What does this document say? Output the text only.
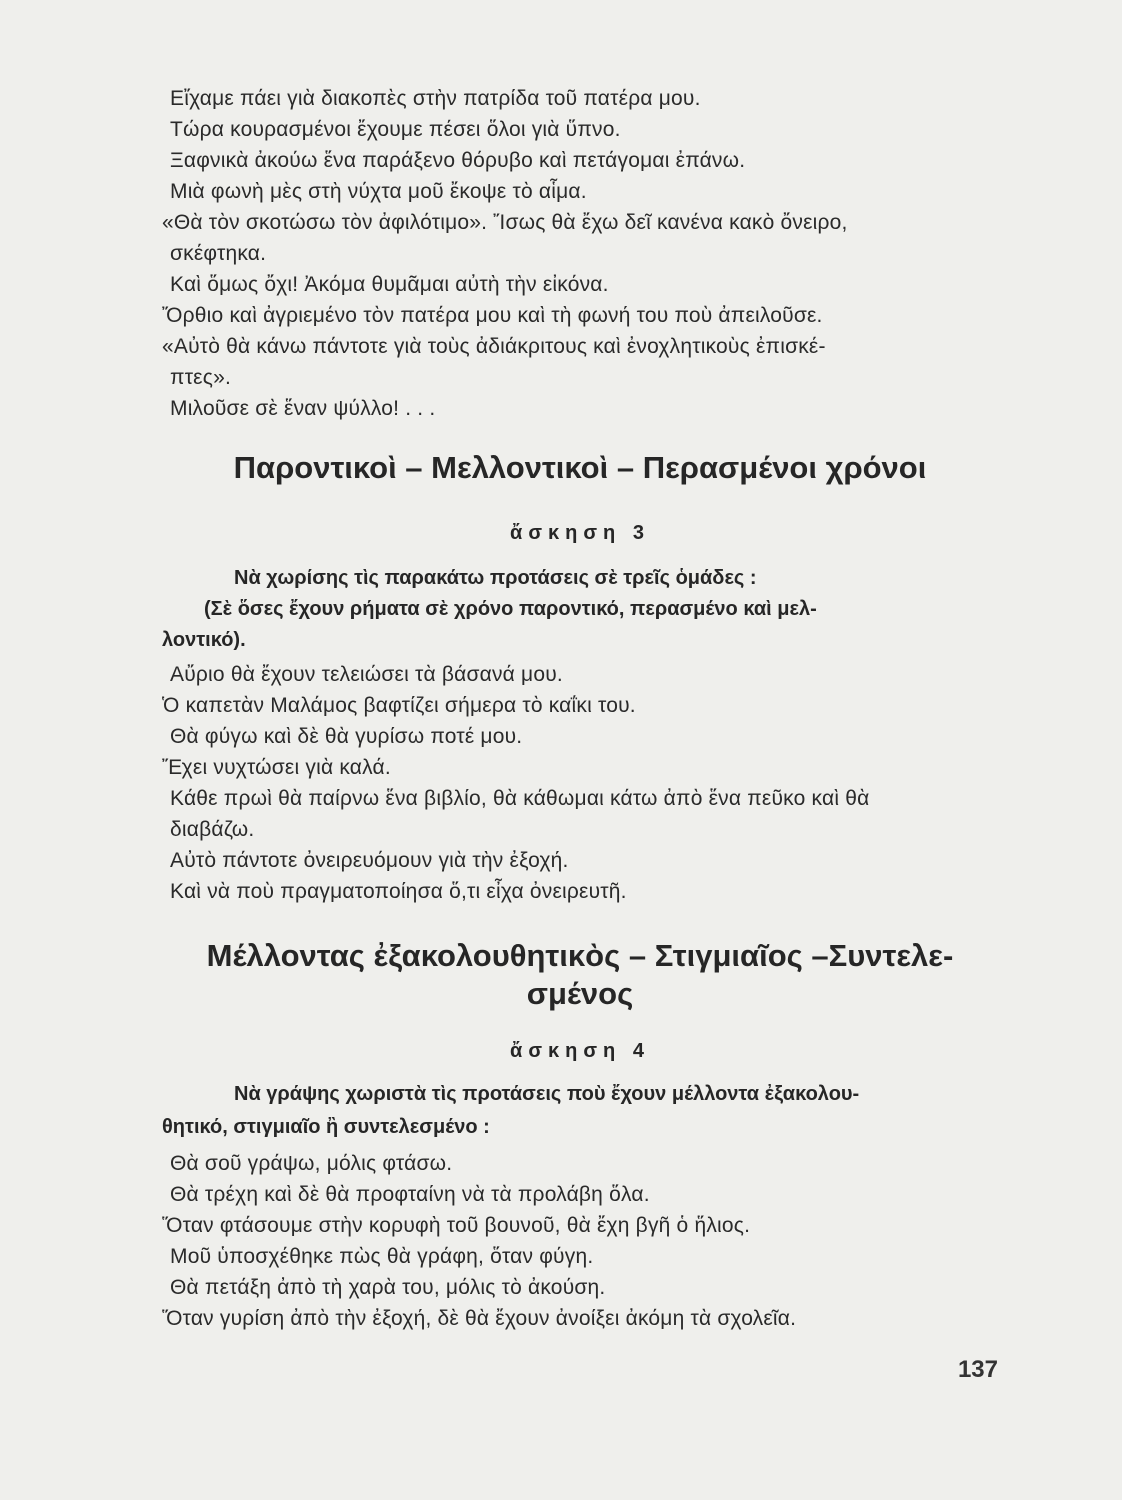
Εἴχαμε πάει γιὰ διακοπὲς στὴν πατρίδα τοῦ πατέρα μου.
Τώρα κουρασμένοι ἔχουμε πέσει ὅλοι γιὰ ὕπνο.
Ξαφνικὰ ἀκούω ἕνα παράξενο θόρυβο καὶ πετάγομαι ἐπάνω.
Μιὰ φωνὴ μὲς στὴ νύχτα μοῦ ἔκοψε τὸ αἷμα.
«Θὰ τὸν σκοτώσω τὸν ἀφιλότιμο». Ἴσως θὰ ἔχω δεῖ κανένα κακὸ ὄνειρο,
σκέφτηκα.
Καὶ ὅμως ὄχι! Ἀκόμα θυμᾶμαι αὐτὴ τὴν εἰκόνα.
Ὄρθιο καὶ ἀγριεμένο τὸν πατέρα μου καὶ τὴ φωνή του ποὺ ἀπειλοῦσε.
«Αὐτὸ θὰ κάνω πάντοτε γιὰ τοὺς ἀδιάκριτους καὶ ἐνοχλητικοὺς ἐπισκέ-
πτες».
Μιλοῦσε σὲ ἕναν ψύλλο! . . .
Παροντικοὶ – Μελλοντικοὶ – Περασμένοι χρόνοι
ἄσκηση 3
Νὰ χωρίσης τὶς παρακάτω προτάσεις σὲ τρεῖς ὁμάδες :
(Σὲ ὅσες ἔχουν ρήματα σὲ χρόνο παροντικό, περασμένο καὶ μελ-
λοντικό).
Αὔριο θὰ ἔχουν τελειώσει τὰ βάσανά μου.
Ὁ καπετὰν Μαλάμος βαφτίζει σήμερα τὸ καΐκι του.
Θὰ φύγω καὶ δὲ θὰ γυρίσω ποτέ μου.
Ἔχει νυχτώσει γιὰ καλά.
Κάθε πρωὶ θὰ παίρνω ἕνα βιβλίο, θὰ κάθωμαι κάτω ἀπὸ ἕνα πεῦκο καὶ θὰ
διαβάζω.
Αὐτὸ πάντοτε ὀνειρευόμουν γιὰ τὴν ἐξοχή.
Καὶ νὰ ποὺ πραγματοποίησα ὅ,τι εἶχα ὀνειρευτῆ.
Μέλλοντας ἐξακολουθητικὸς – Στιγμιαῖος –Συντελε-
σμένος
ἄσκηση 4
Νὰ γράψης χωριστὰ τὶς προτάσεις ποὺ ἔχουν μέλλοντα ἐξακολου-
θητικό, στιγμιαῖο ἢ συντελεσμένο :
Θὰ σοῦ γράψω, μόλις φτάσω.
Θὰ τρέχη καὶ δὲ θὰ προφταίνη νὰ τὰ προλάβη ὅλα.
Ὅταν φτάσουμε στὴν κορυφὴ τοῦ βουνοῦ, θὰ ἔχη βγῆ ὁ ἥλιος.
Μοῦ ὑποσχέθηκε πὼς θὰ γράφη, ὅταν φύγη.
Θὰ πετάξη ἀπὸ τὴ χαρὰ του, μόλις τὸ ἀκούση.
Ὅταν γυρίση ἀπὸ τὴν ἐξοχή, δὲ θὰ ἔχουν ἀνοίξει ἀκόμη τὰ σχολεῖα.
137
